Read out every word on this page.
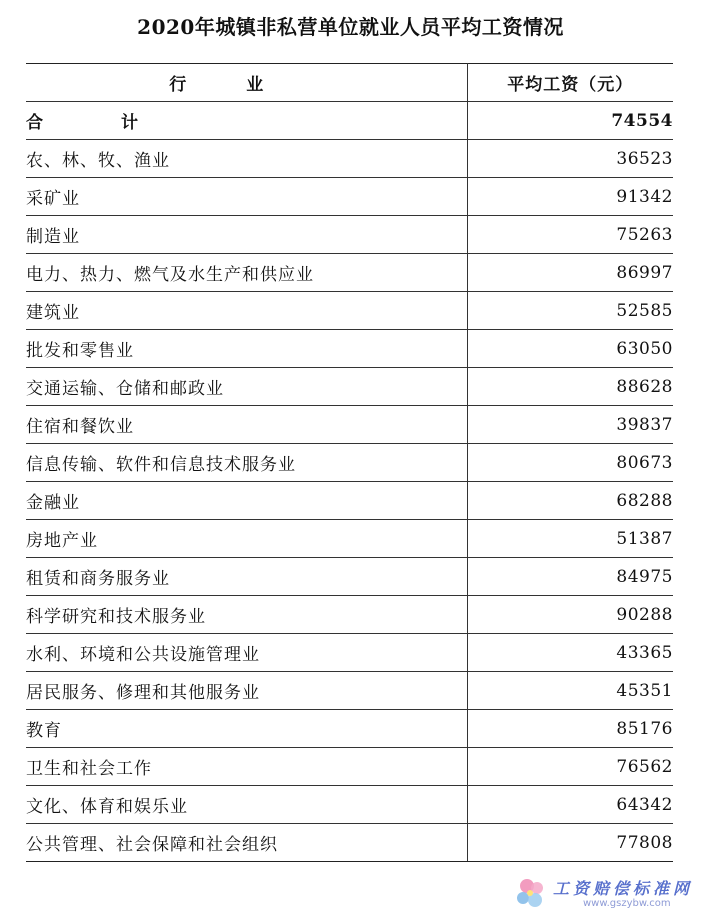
2020年城镇非私营单位就业人员平均工资情况
行业	平均工资（元）
合计	74554
农、林、牧、渔业	36523
采矿业	91342
制造业	75263
电力、热力、燃气及水生产和供应业	86997
建筑业	52585
批发和零售业	63050
交通运输、仓储和邮政业	88628
住宿和餐饮业	39837
信息传输、软件和信息技术服务业	80673
金融业	68288
房地产业	51387
租赁和商务服务业	84975
科学研究和技术服务业	90288
水利、环境和公共设施管理业	43365
居民服务、修理和其他服务业	45351
教育	85176
卫生和社会工作	76562
文化、体育和娱乐业	64342
公共管理、社会保障和社会组织	77808
工资赔偿标准网
www.gszybw.com
